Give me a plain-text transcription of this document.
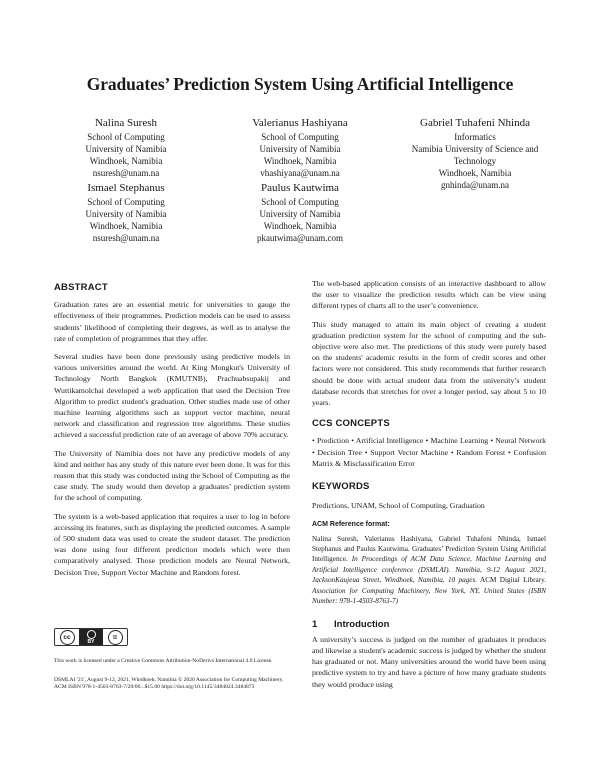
Graduates’ Prediction System Using Artificial Intelligence
Nalina Suresh
School of Computing
University of Namibia
Windhoek, Namibia
nsuresh@unam.na
Valerianus Hashiyana
School of Computing
University of Namibia
Windhoek, Namibia
vhashiyana@unam.na
Gabriel Tuhafeni Nhinda
Informatics
Namibia University of Science and
Technology
Windhoek, Namibia
gnhinda@unam.na
Ismael Stephanus
School of Computing
University of Namibia
Windhoek, Namibia
nsuresh@unam.na
Paulus Kautwima
School of Computing
University of Namibia
Windhoek, Namibia
pkautwima@unam.com
ABSTRACT

Graduation rates are an essential metric for universities to gauge the effectiveness of their programmes. Prediction models can be used to assess students’ likelihood of completing their degrees, as well as to analyse the rate of completion of programmes that they offer.

Several studies have been done previously using predictive models in various universities around the world. At King Mongkut's University of Technology North Bangkok (KMUTNB), Prachuabsupakij and Wuttikamolchai developed a web application that used the Decision Tree Algorithm to predict student's graduation. Other studies made use of other machine learning algorithms such as support vector machine, neural network and classification and regression tree algorithms. These studies achieved a successful prediction rate of an average of above 70% accuracy.

The University of Namibia does not have any predictive models of any kind and neither has any study of this nature ever been done. It was for this reason that this study was conducted using the School of Computing as the case study. The study would then develop a graduates’ prediction system for the school of computing.

The system is a web-based application that requires a user to log in before accessing its features, such as displaying the predicted outcomes. A sample of 500 student data was used to create the student dataset. The prediction was done using four different prediction models which were then comparatively analysed. Those prediction models are Neural Network, Decision Tree, Support Vector Machine and Random forest.

cc
BY	=
This work is licensed under a Creative Commons Attribution-NoDerivs International 4.0 License.
DSMLAI '21', August 9-12, 2021, Windhoek, Namibia © 2020 Association for Computing Machinery. ACM ISBN 978-1-4503-8763-7/20/06...$15.00 https://doi.org/10.1145/3484824.3484873

The web-based application consists of an interactive dashboard to allow the user to visualize the prediction results which can be view using different types of charts all to the user’s convenience.

This study managed to attain its main object of creating a student graduation prediction system for the school of computing and the sub-objective were also met. The predictions of this study were purely based on the students' academic results in the form of credit scores and other factors were not considered. This study recommends that further research should be done with actual student data from the university’s student database records that stretches for over a longer period, say about 5 to 10 years.

CCS CONCEPTS

• Prediction • Artificial Intelligence • Machine Learning • Neural Network • Decision Tree • Support Vector Machine • Random Forest • Confusion Matrix & Misclassification Error

KEYWORDS

Predictions, UNAM, School of Computing, Graduation

ACM Reference format:

Nalina Suresh, Valerianus Hashiyana, Gabriel Tuhafeni Nhinda, Ismael Stephanus and Paulus Kautwima. Graduates’ Prediction System Using Artificial Intelligence. In Proceedings of ACM Data Science, Machine Learning and Artificial Intelligence conference (DSMLAI). Namibia, 9-12 August 2021, JacksonKaujeua Street, Windhoek, Namibia, 10 pages. ACM Digital Library. Association for Computing Machinery, New York, NY, United States (ISBN Number: 978-1-4503-8763-7)

1 Introduction

A university’s success is judged on the number of graduates it produces and likewise a student's academic success is judged by whether the student has graduated or not. Many universities around the world have been using predictive system to try and have a picture of how many graduate students they would produce using
